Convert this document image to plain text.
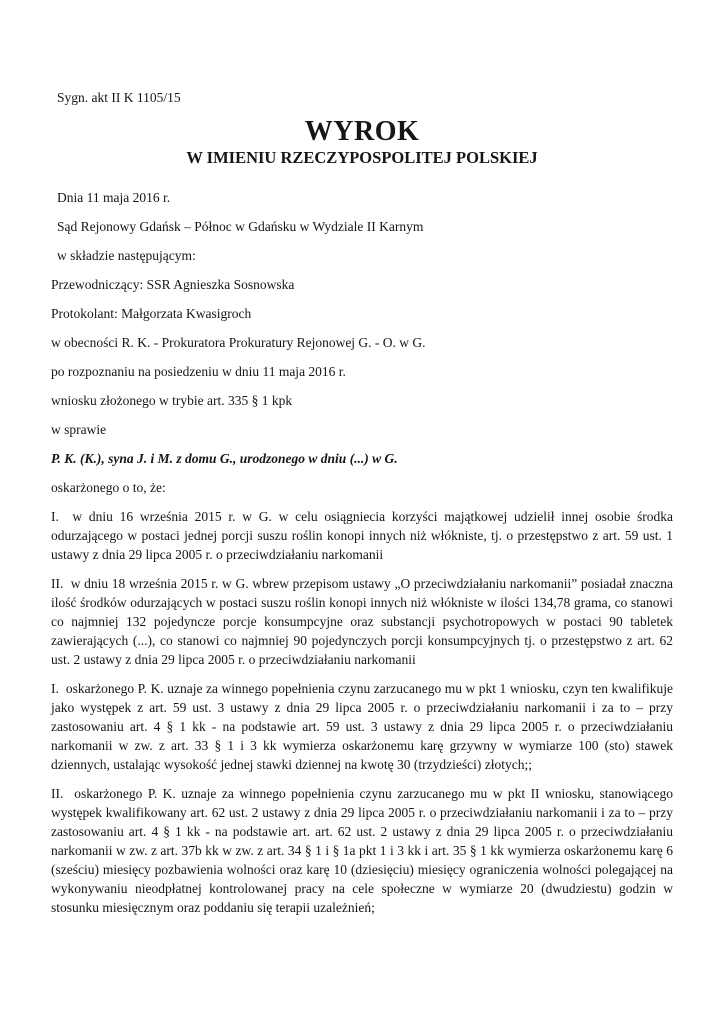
Sygn. akt II K 1105/15

WYROK
W IMIENIU RZECZYPOSPOLITEJ POLSKIEJ

Dnia 11 maja 2016 r.

Sąd Rejonowy Gdańsk – Północ w Gdańsku w Wydziale II Karnym

w składzie następującym:

Przewodniczący: SSR Agnieszka Sosnowska

Protokolant: Małgorzata Kwasigroch

w obecności R. K. - Prokuratora Prokuratury Rejonowej G. - O. w G.

po rozpoznaniu na posiedzeniu w dniu 11 maja 2016 r.

wniosku złożonego w trybie art. 335 § 1 kpk

w sprawie

P. K. (K.), syna J. i M. z domu G., urodzonego w dniu (...) w G.

oskarżonego o to, że:

I.  w dniu 16 września 2015 r. w G. w celu osiągniecia korzyści majątkowej udzielił innej osobie środka odurzającego w postaci jednej porcji suszu roślin konopi innych niż włókniste, tj. o przestępstwo z art. 59 ust. 1 ustawy z dnia 29 lipca 2005 r. o przeciwdziałaniu narkomanii

II.  w dniu 18 września 2015 r. w G. wbrew przepisom ustawy „O przeciwdziałaniu narkomanii” posiadał znaczna ilość środków odurzających w postaci suszu roślin konopi innych niż włókniste w ilości 134,78 grama, co stanowi co najmniej 132 pojedyncze porcje konsumpcyjne oraz substancji psychotropowych w postaci 90 tabletek zawierających (...), co stanowi co najmniej 90 pojedynczych porcji konsumpcyjnych tj. o przestępstwo z art. 62 ust. 2 ustawy z dnia 29 lipca 2005 r. o przeciwdziałaniu narkomanii

I.  oskarżonego P. K. uznaje za winnego popełnienia czynu zarzucanego mu w pkt 1 wniosku, czyn ten kwalifikuje jako występek z art. 59 ust. 3 ustawy z dnia 29 lipca 2005 r. o przeciwdziałaniu narkomanii i za to – przy zastosowaniu art. 4 § 1 kk - na podstawie art. 59 ust. 3 ustawy z dnia 29 lipca 2005 r. o przeciwdziałaniu narkomanii w zw. z art. 33 § 1 i 3 kk wymierza oskarżonemu karę grzywny w wymiarze 100 (sto) stawek dziennych, ustalając wysokość jednej stawki dziennej na kwotę 30 (trzydzieści) złotych;;

II.  oskarżonego P. K. uznaje za winnego popełnienia czynu zarzucanego mu w pkt II wniosku, stanowiącego występek kwalifikowany art. 62 ust. 2 ustawy z dnia 29 lipca 2005 r. o przeciwdziałaniu narkomanii i za to – przy zastosowaniu art. 4 § 1 kk - na podstawie art. art. 62 ust. 2 ustawy z dnia 29 lipca 2005 r. o przeciwdziałaniu narkomanii w zw. z art. 37b kk w zw. z art. 34 § 1 i § 1a pkt 1 i 3 kk i art. 35 § 1 kk wymierza oskarżonemu karę 6 (sześciu) miesięcy pozbawienia wolności oraz karę 10 (dziesięciu) miesięcy ograniczenia wolności polegającej na wykonywaniu nieodpłatnej kontrolowanej pracy na cele społeczne w wymiarze 20 (dwudziestu) godzin w stosunku miesięcznym oraz poddaniu się terapii uzależnień;
